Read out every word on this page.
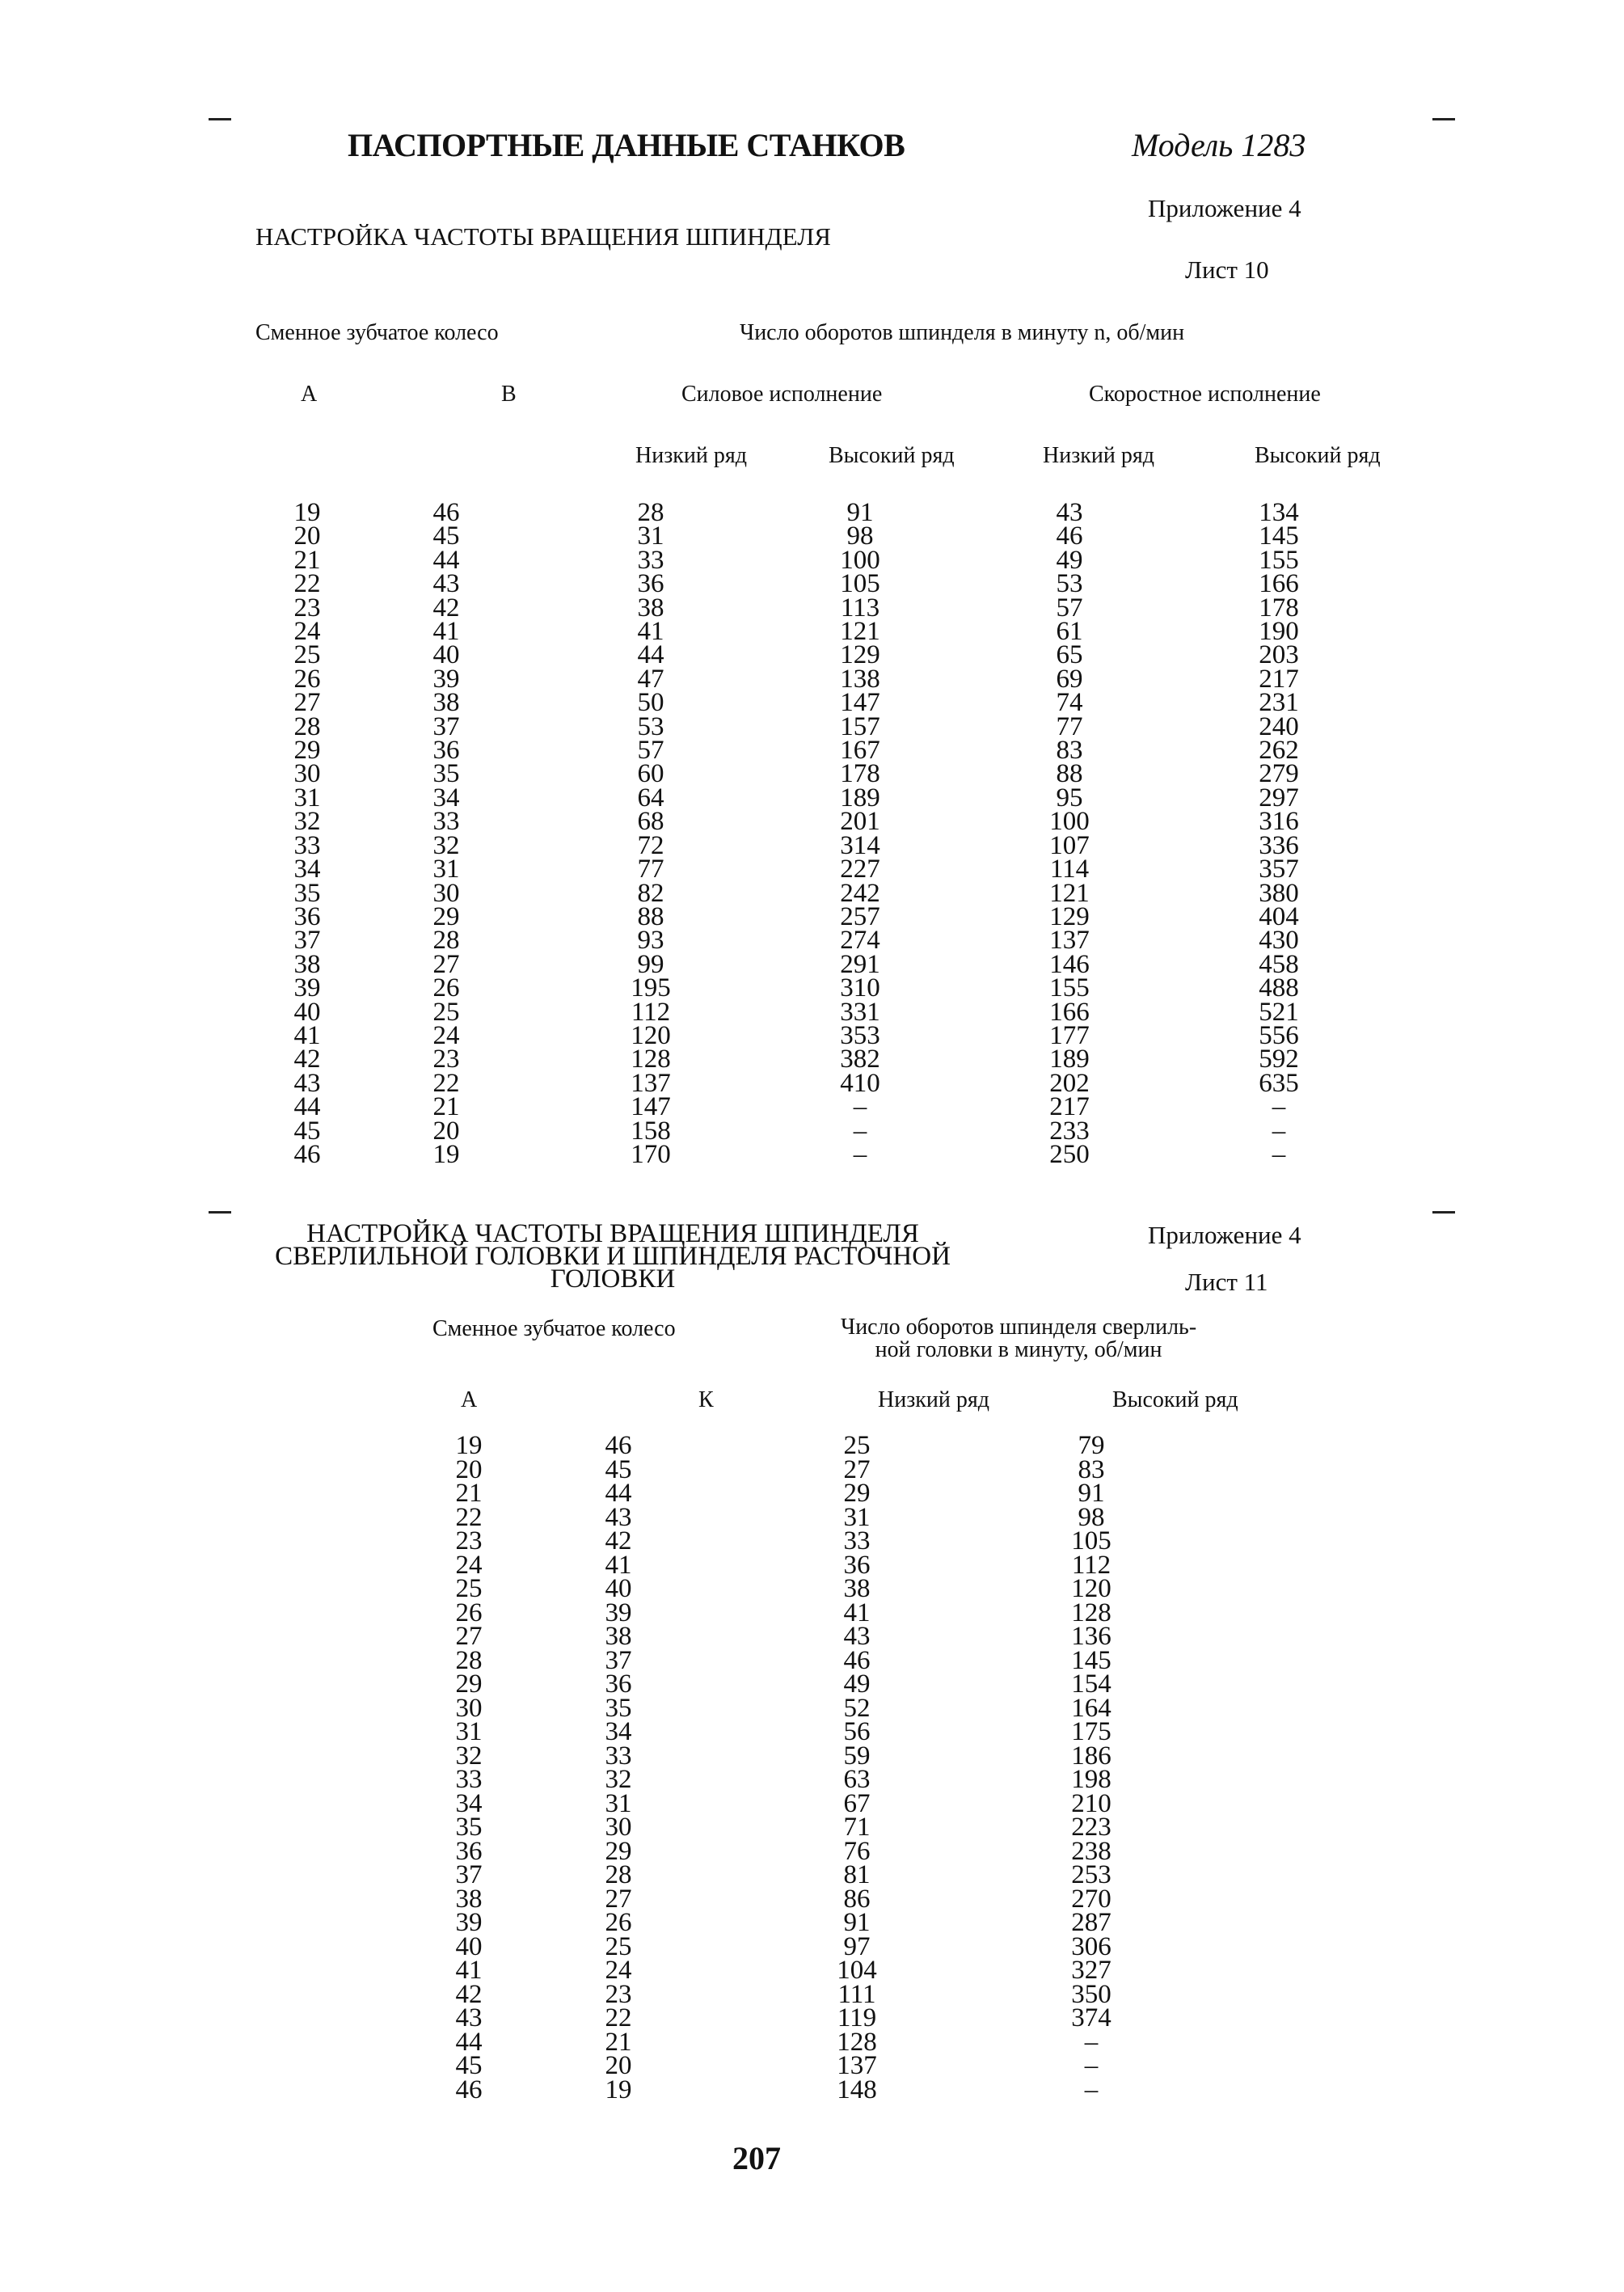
ПАСПОРТНЫЕ ДАННЫЕ СТАНКОВ	Модель 1283
Приложение 4
НАСТРОЙКА ЧАСТОТЫ ВРАЩЕНИЯ ШПИНДЕЛЯ
Лист 10
Сменное зубчатое колесо	Число оборотов шпинделя в минуту n, об/мин
А	В	Силовое исполнение	Скоростное исполнение
Низкий ряд	Высокий ряд	Низкий ряд	Высокий ряд
19	46	28	91	43	134
20	45	31	98	46	145
21	44	33	100	49	155
22	43	36	105	53	166
23	42	38	113	57	178
24	41	41	121	61	190
25	40	44	129	65	203
26	39	47	138	69	217
27	38	50	147	74	231
28	37	53	157	77	240
29	36	57	167	83	262
30	35	60	178	88	279
31	34	64	189	95	297
32	33	68	201	100	316
33	32	72	314	107	336
34	31	77	227	114	357
35	30	82	242	121	380
36	29	88	257	129	404
37	28	93	274	137	430
38	27	99	291	146	458
39	26	195	310	155	488
40	25	112	331	166	521
41	24	120	353	177	556
42	23	128	382	189	592
43	22	137	410	202	635
44	21	147	–	217	–
45	20	158	–	233	–
46	19	170	–	250	–
НАСТРОЙКА ЧАСТОТЫ ВРАЩЕНИЯ ШПИНДЕЛЯ
СВЕРЛИЛЬНОЙ ГОЛОВКИ И ШПИНДЕЛЯ РАСТОЧНОЙ
ГОЛОВКИ
Приложение 4
Лист 11
Сменное зубчатое колесо	Число оборотов шпинделя сверлиль-
ной головки в минуту, об/мин
А	К	Низкий ряд	Высокий ряд
19	46	25	79
20	45	27	83
21	44	29	91
22	43	31	98
23	42	33	105
24	41	36	112
25	40	38	120
26	39	41	128
27	38	43	136
28	37	46	145
29	36	49	154
30	35	52	164
31	34	56	175
32	33	59	186
33	32	63	198
34	31	67	210
35	30	71	223
36	29	76	238
37	28	81	253
38	27	86	270
39	26	91	287
40	25	97	306
41	24	104	327
42	23	111	350
43	22	119	374
44	21	128	–
45	20	137	–
46	19	148	–
207
